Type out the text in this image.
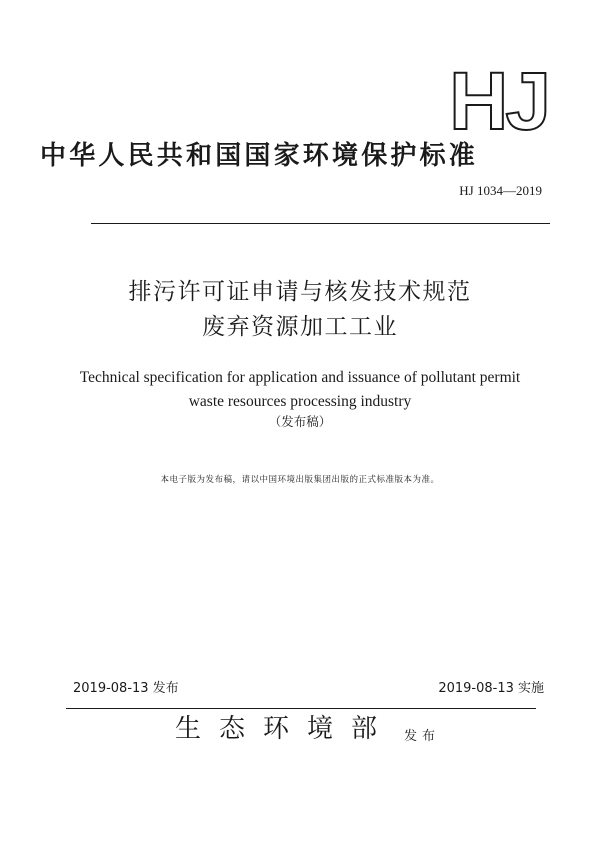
HJ
中华人民共和国国家环境保护标准
HJ 1034—2019
排污许可证申请与核发技术规范
废弃资源加工工业
Technical specification for application and issuance of pollutant permit
waste resources processing industry
（发布稿）
本电子版为发布稿，请以中国环境出版集团出版的正式标准版本为准。
2019-08-13 发布	2019-08-13 实施
生态环境部 发布
